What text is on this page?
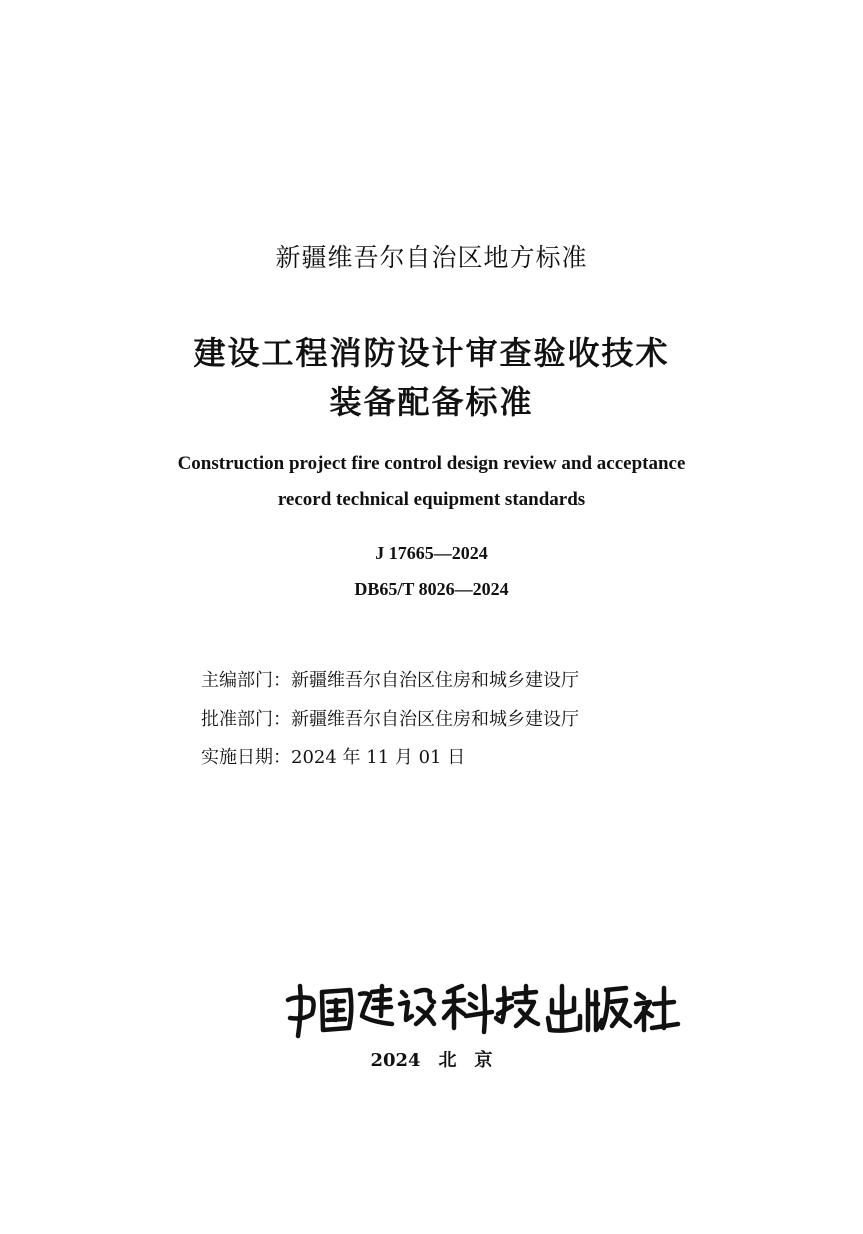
新疆维吾尔自治区地方标准
建设工程消防设计审查验收技术
装备配备标准
Construction project fire control design review and acceptance
record technical equipment standards
J 17665—2024
DB65/T 8026—2024
主编部门：新疆维吾尔自治区住房和城乡建设厅
批准部门：新疆维吾尔自治区住房和城乡建设厅
实施日期：2024 年 11 月 01 日
2024　北　京
